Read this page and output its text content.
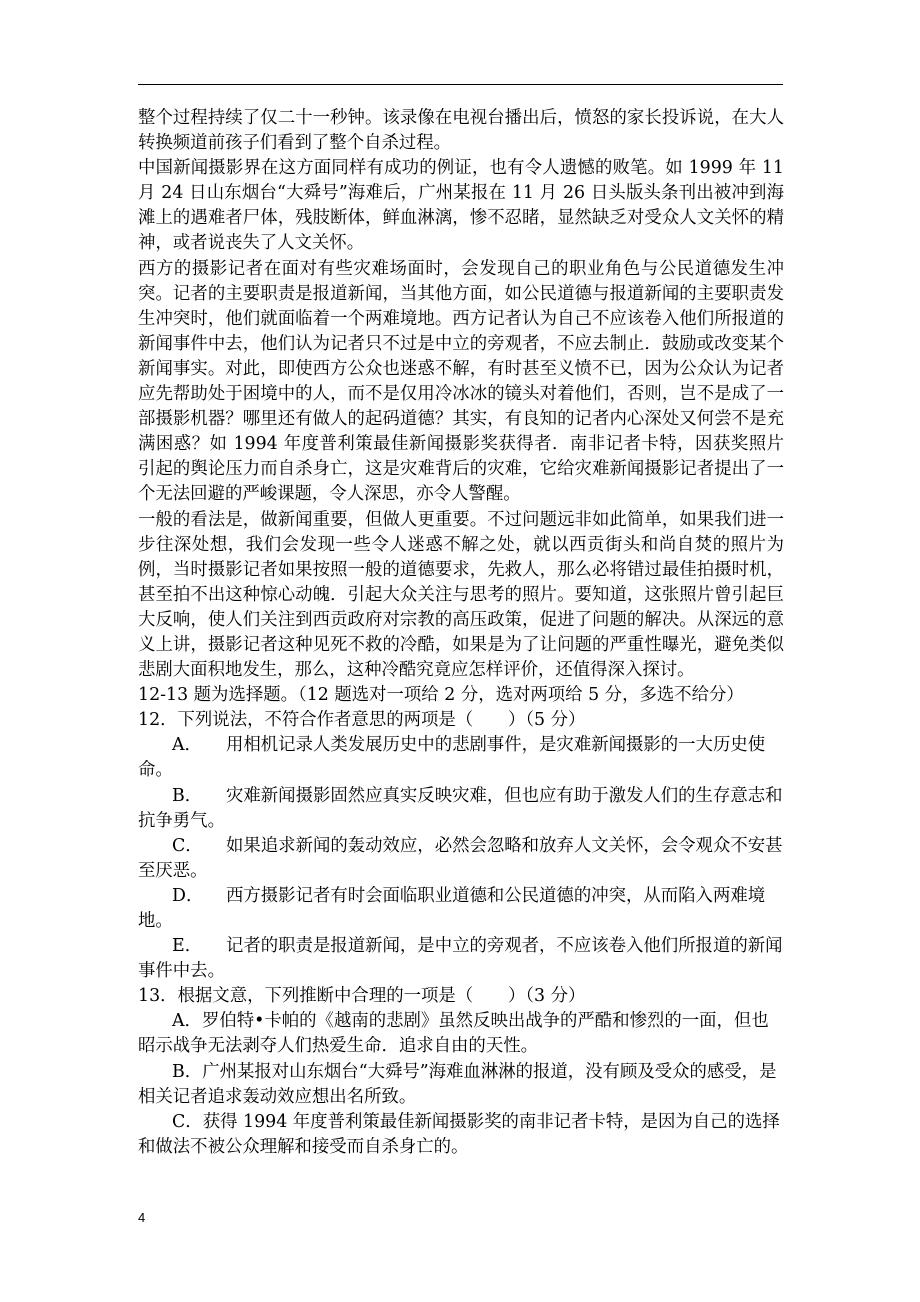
整个过程持续了仅二十一秒钟。该录像在电视台播出后，愤怒的家长投诉说，在大人转换频道前孩子们看到了整个自杀过程。

中国新闻摄影界在这方面同样有成功的例证，也有令人遗憾的败笔。如 1999 年 11 月 24 日山东烟台“大舜号”海难后，广州某报在 11 月 26 日头版头条刊出被冲到海滩上的遇难者尸体，残肢断体，鲜血淋漓，惨不忍睹，显然缺乏对受众人文关怀的精神，或者说丧失了人文关怀。

西方的摄影记者在面对有些灾难场面时，会发现自己的职业角色与公民道德发生冲突。记者的主要职责是报道新闻，当其他方面，如公民道德与报道新闻的主要职责发生冲突时，他们就面临着一个两难境地。西方记者认为自己不应该卷入他们所报道的新闻事件中去，他们认为记者只不过是中立的旁观者，不应去制止．鼓励或改变某个新闻事实。对此，即使西方公众也迷惑不解，有时甚至义愤不已，因为公众认为记者应先帮助处于困境中的人，而不是仅用冷冰冰的镜头对着他们，否则，岂不是成了一部摄影机器？哪里还有做人的起码道德？其实，有良知的记者内心深处又何尝不是充满困惑？如 1994 年度普利策最佳新闻摄影奖获得者．南非记者卡特，因获奖照片引起的舆论压力而自杀身亡，这是灾难背后的灾难，它给灾难新闻摄影记者提出了一个无法回避的严峻课题，令人深思，亦令人警醒。

一般的看法是，做新闻重要，但做人更重要。不过问题远非如此简单，如果我们进一步往深处想，我们会发现一些令人迷惑不解之处，就以西贡街头和尚自焚的照片为例，当时摄影记者如果按照一般的道德要求，先救人，那么必将错过最佳拍摄时机，甚至拍不出这种惊心动魄．引起大众关注与思考的照片。要知道，这张照片曾引起巨大反响，使人们关注到西贡政府对宗教的高压政策，促进了问题的解决。从深远的意义上讲，摄影记者这种见死不救的冷酷，如果是为了让问题的严重性曝光，避免类似悲剧大面积地发生，那么，这种冷酷究竟应怎样评价，还值得深入探讨。

12-13 题为选择题。（12 题选对一项给 2 分，选对两项给 5 分，多选不给分）

12．下列说法，不符合作者意思的两项是（　　）（5 分）

A． 用相机记录人类发展历史中的悲剧事件，是灾难新闻摄影的一大历史使命。

B． 灾难新闻摄影固然应真实反映灾难，但也应有助于激发人们的生存意志和抗争勇气。

C． 如果追求新闻的轰动效应，必然会忽略和放弃人文关怀，会令观众不安甚至厌恶。

D． 西方摄影记者有时会面临职业道德和公民道德的冲突，从而陷入两难境地。

E． 记者的职责是报道新闻，是中立的旁观者，不应该卷入他们所报道的新闻事件中去。

13．根据文意，下列推断中合理的一项是（　　）（3 分）

A．罗伯特•卡帕的《越南的悲剧》虽然反映出战争的严酷和惨烈的一面，但也昭示战争无法剥夺人们热爱生命．追求自由的天性。

B．广州某报对山东烟台“大舜号”海难血淋淋的报道，没有顾及受众的感受，是相关记者追求轰动效应想出名所致。

C．获得 1994 年度普利策最佳新闻摄影奖的南非记者卡特，是因为自己的选择和做法不被公众理解和接受而自杀身亡的。

4
